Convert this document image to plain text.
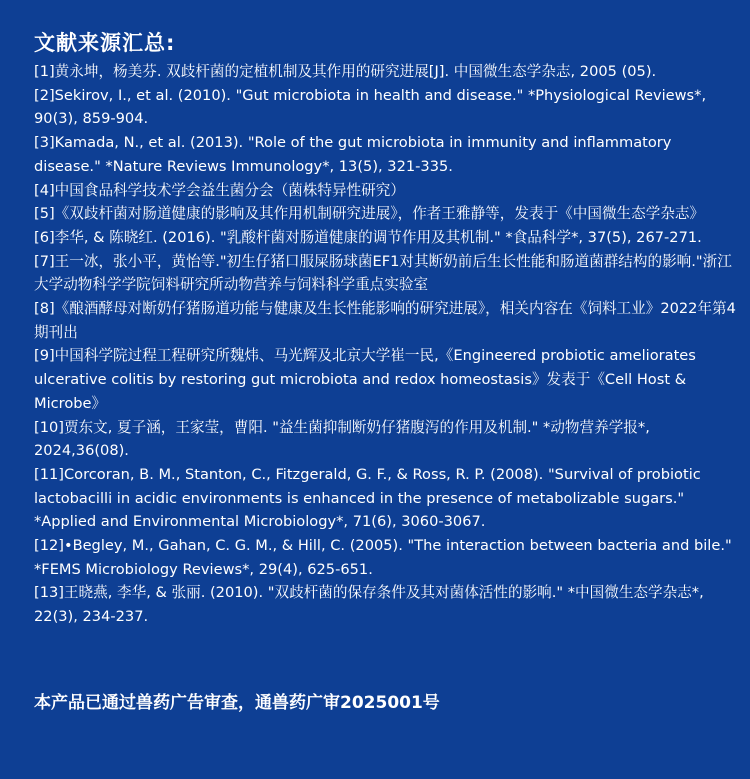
文献来源汇总:
[1]黄永坤，杨美芬. 双歧杆菌的定植机制及其作用的研究进展[J]. 中国微生态学杂志, 2005 (05).
[2]Sekirov, I., et al. (2010). "Gut microbiota in health and disease." *Physiological Reviews*, 90(3), 859-904.
[3]Kamada, N., et al. (2013). "Role of the gut microbiota in immunity and inflammatory disease." *Nature Reviews Immunology*, 13(5), 321-335.
[4]中国食品科学技术学会益生菌分会（菌株特异性研究）
[5]《双歧杆菌对肠道健康的影响及其作用机制研究进展》，作者王雅静等，发表于《中国微生态学杂志》
[6]李华, & 陈晓红. (2016). "乳酸杆菌对肠道健康的调节作用及其机制." *食品科学*, 37(5), 267-271.
[7]王一冰，张小平，黄怡等."初生仔猪口服屎肠球菌EF1对其断奶前后生长性能和肠道菌群结构的影响."浙江大学动物科学学院饲料研究所动物营养与饲料科学重点实验室
[8]《酿酒酵母对断奶仔猪肠道功能与健康及生长性能影响的研究进展》，相关内容在《饲料工业》2022年第4期刊出
[9]中国科学院过程工程研究所魏炜、马光辉及北京大学崔一民,《Engineered probiotic ameliorates ulcerative colitis by restoring gut microbiota and redox homeostasis》发表于《Cell Host & Microbe》
[10]贾东文, 夏子涵，王家莹，曹阳. "益生菌抑制断奶仔猪腹泻的作用及机制." *动物营养学报*, 2024,36(08).
[11]Corcoran, B. M., Stanton, C., Fitzgerald, G. F., & Ross, R. P. (2008). "Survival of probiotic lactobacilli in acidic environments is enhanced in the presence of metabolizable sugars." *Applied and Environmental Microbiology*, 71(6), 3060-3067.
[12]•Begley, M., Gahan, C. G. M., & Hill, C. (2005). "The interaction between bacteria and bile." *FEMS Microbiology Reviews*, 29(4), 625-651.
[13]王晓燕, 李华, & 张丽. (2010). "双歧杆菌的保存条件及其对菌体活性的影响." *中国微生态学杂志*, 22(3), 234-237.
本产品已通过兽药广告审查，通兽药广审2025001号
